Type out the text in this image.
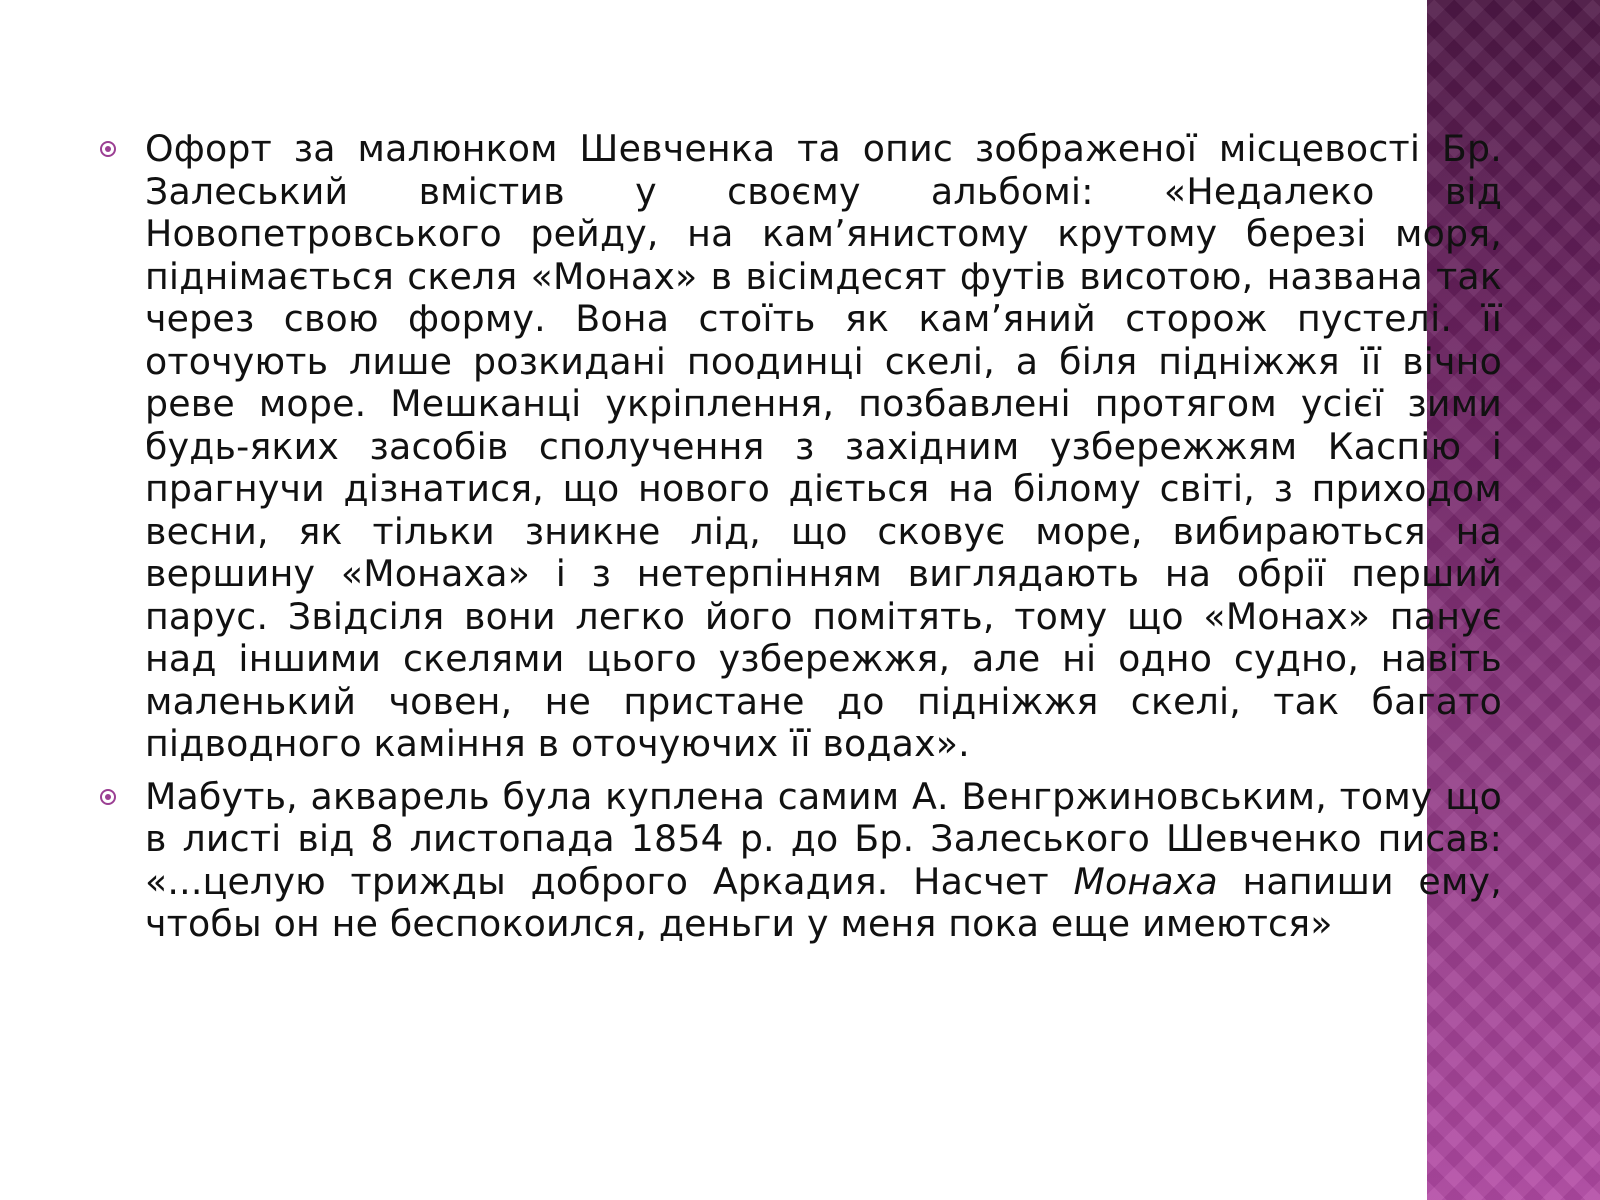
Офорт за малюнком Шевченка та опис зображеної місцевості Бр. Залеський вмістив у своєму альбомі: «Недалеко від Новопетровського рейду, на кам’янистому крутому березі моря, піднімається скеля «Монах» в вісімдесят футів висотою, названа так через свою форму. Вона стоїть як кам’яний сторож пустелі. її оточують лише розкидані поодинці скелі, а біля підніжжя її вічно реве море. Мешканці укріплення, позбавлені протягом усієї зими будь-яких засобів сполучення з західним узбережжям Каспію і прагнучи дізнатися, що нового діється на білому світі, з приходом весни, як тільки зникне лід, що сковує море, вибираються на вершину «Монаха» і з нетерпінням виглядають на обрії перший парус. Звідсіля вони легко його помітять, тому що «Монах» панує над іншими скелями цього узбережжя, але ні одно судно, навіть маленький човен, не пристане до підніжжя скелі, так багато підводного каміння в оточуючих її водах».

Мабуть, акварель була куплена самим А. Венгржиновським, тому що в листі від 8 листопада 1854 р. до Бр. Залеського Шевченко писав: «...целую трижды доброго Аркадия. Насчет Монаха напиши ему, чтобы он не беспокоился, деньги у меня пока еще имеются»
